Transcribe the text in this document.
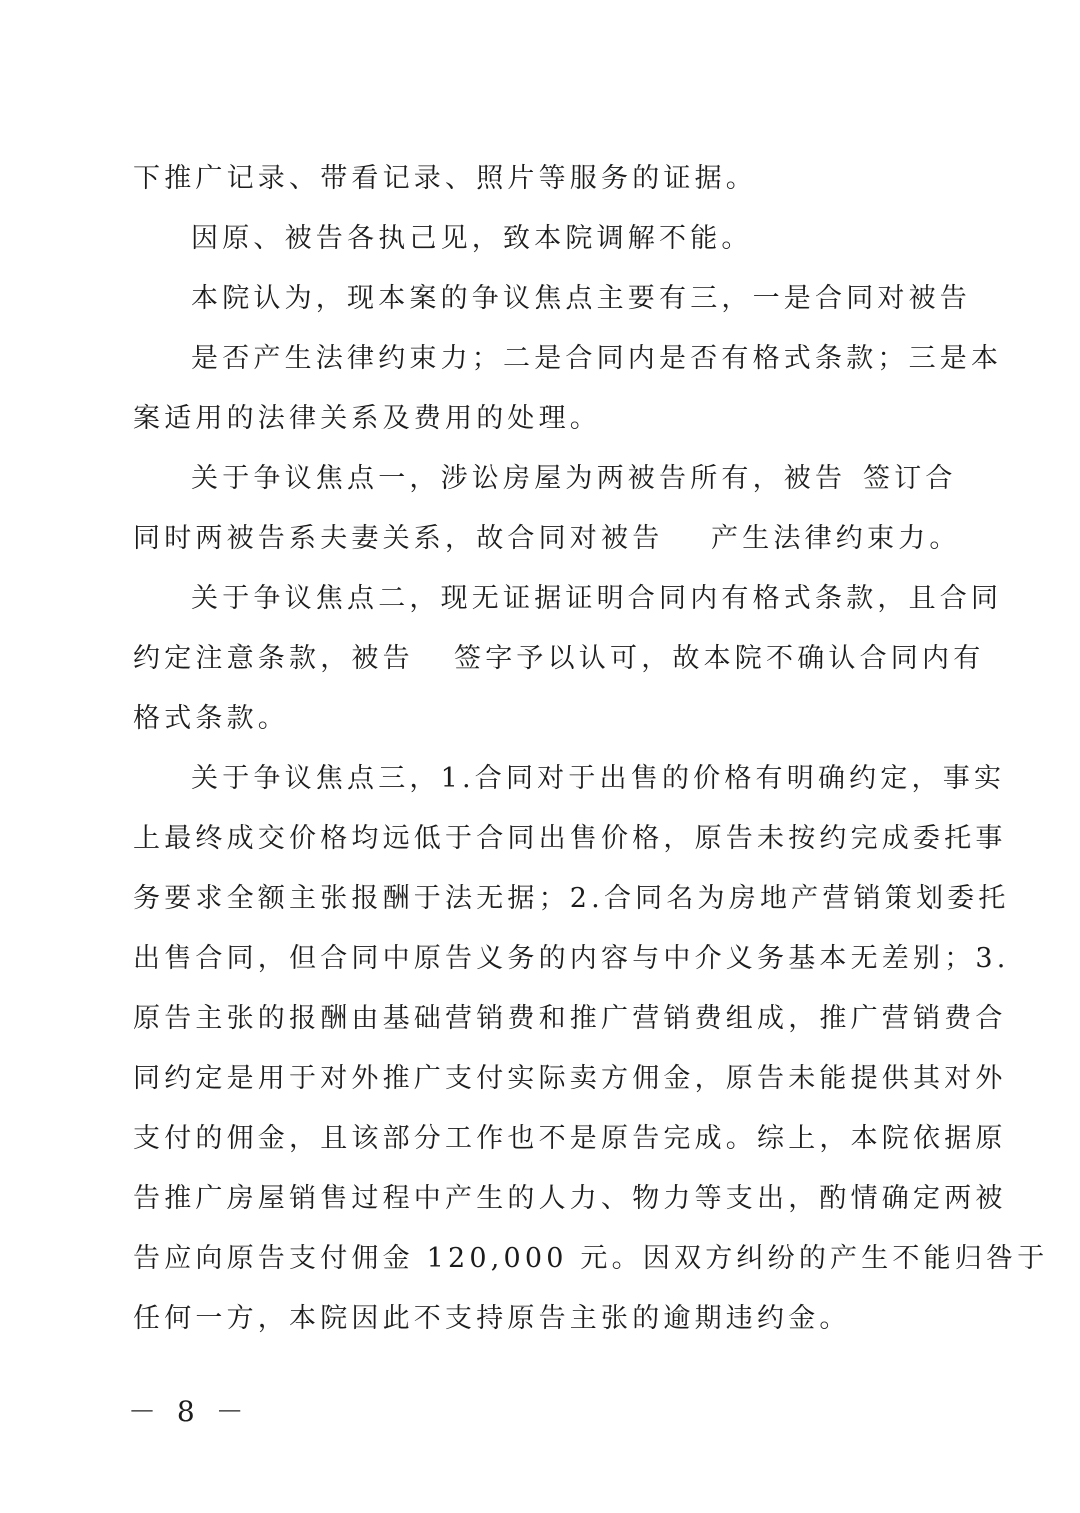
下推广记录、带看记录、照片等服务的证据。
因原、被告各执己见，致本院调解不能。
本院认为，现本案的争议焦点主要有三，一是合同对被告
是否产生法律约束力；二是合同内是否有格式条款；三是本
案适用的法律关系及费用的处理。
关于争议焦点一，涉讼房屋为两被告所有，被告 签订合
同时两被告系夫妻关系，故合同对被告 产生法律约束力。
关于争议焦点二，现无证据证明合同内有格式条款，且合同
约定注意条款，被告 签字予以认可，故本院不确认合同内有
格式条款。
关于争议焦点三，1.合同对于出售的价格有明确约定，事实
上最终成交价格均远低于合同出售价格，原告未按约完成委托事
务要求全额主张报酬于法无据；2.合同名为房地产营销策划委托
出售合同，但合同中原告义务的内容与中介义务基本无差别；3.
原告主张的报酬由基础营销费和推广营销费组成，推广营销费合
同约定是用于对外推广支付实际卖方佣金，原告未能提供其对外
支付的佣金，且该部分工作也不是原告完成。综上，本院依据原
告推广房屋销售过程中产生的人力、物力等支出，酌情确定两被
告应向原告支付佣金 120,000 元。因双方纠纷的产生不能归咎于
任何一方，本院因此不支持原告主张的逾期违约金。
－ 8 －
